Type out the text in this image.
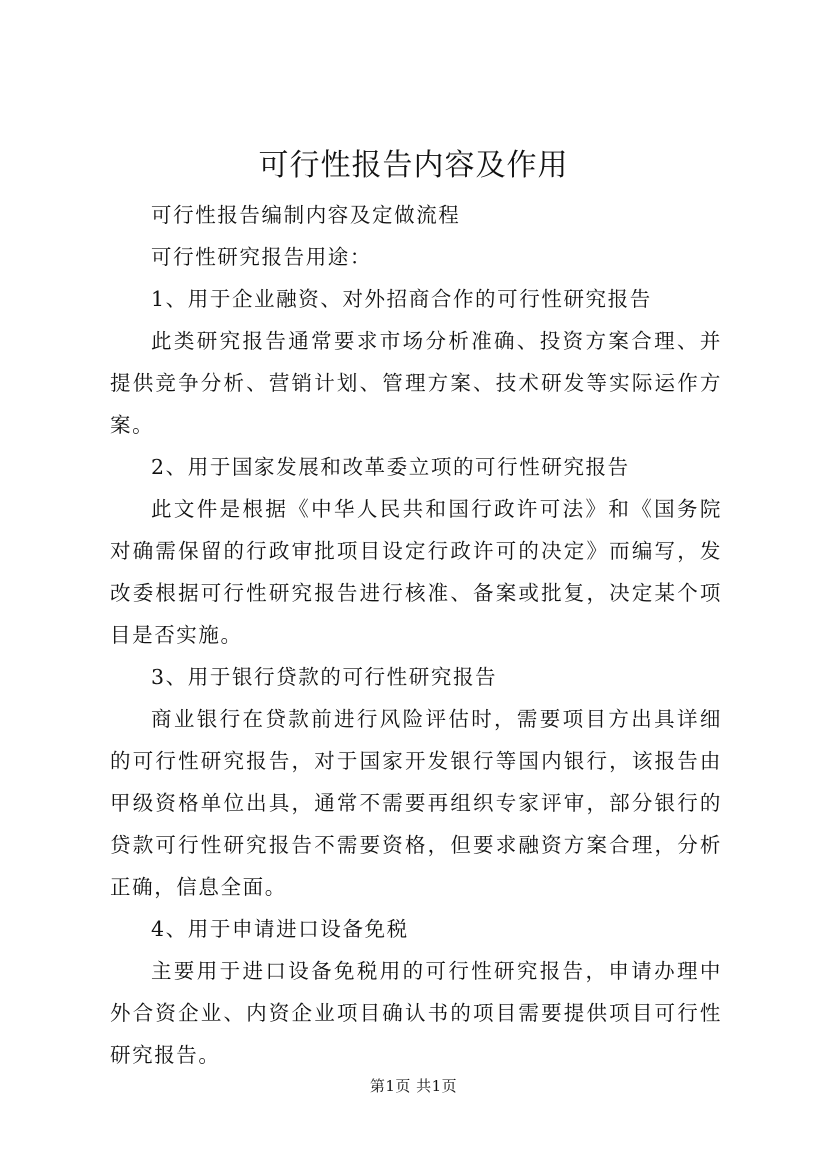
可行性报告内容及作用

可行性报告编制内容及定做流程

可行性研究报告用途：

1、用于企业融资、对外招商合作的可行性研究报告

此类研究报告通常要求市场分析准确、投资方案合理、并提供竞争分析、营销计划、管理方案、技术研发等实际运作方案。

2、用于国家发展和改革委立项的可行性研究报告

此文件是根据《中华人民共和国行政许可法》和《国务院对确需保留的行政审批项目设定行政许可的决定》而编写，发改委根据可行性研究报告进行核准、备案或批复，决定某个项目是否实施。

3、用于银行贷款的可行性研究报告

商业银行在贷款前进行风险评估时，需要项目方出具详细的可行性研究报告，对于国家开发银行等国内银行，该报告由甲级资格单位出具，通常不需要再组织专家评审，部分银行的贷款可行性研究报告不需要资格，但要求融资方案合理，分析正确，信息全面。

4、用于申请进口设备免税

主要用于进口设备免税用的可行性研究报告，申请办理中外合资企业、内资企业项目确认书的项目需要提供项目可行性研究报告。

第1页 共1页
